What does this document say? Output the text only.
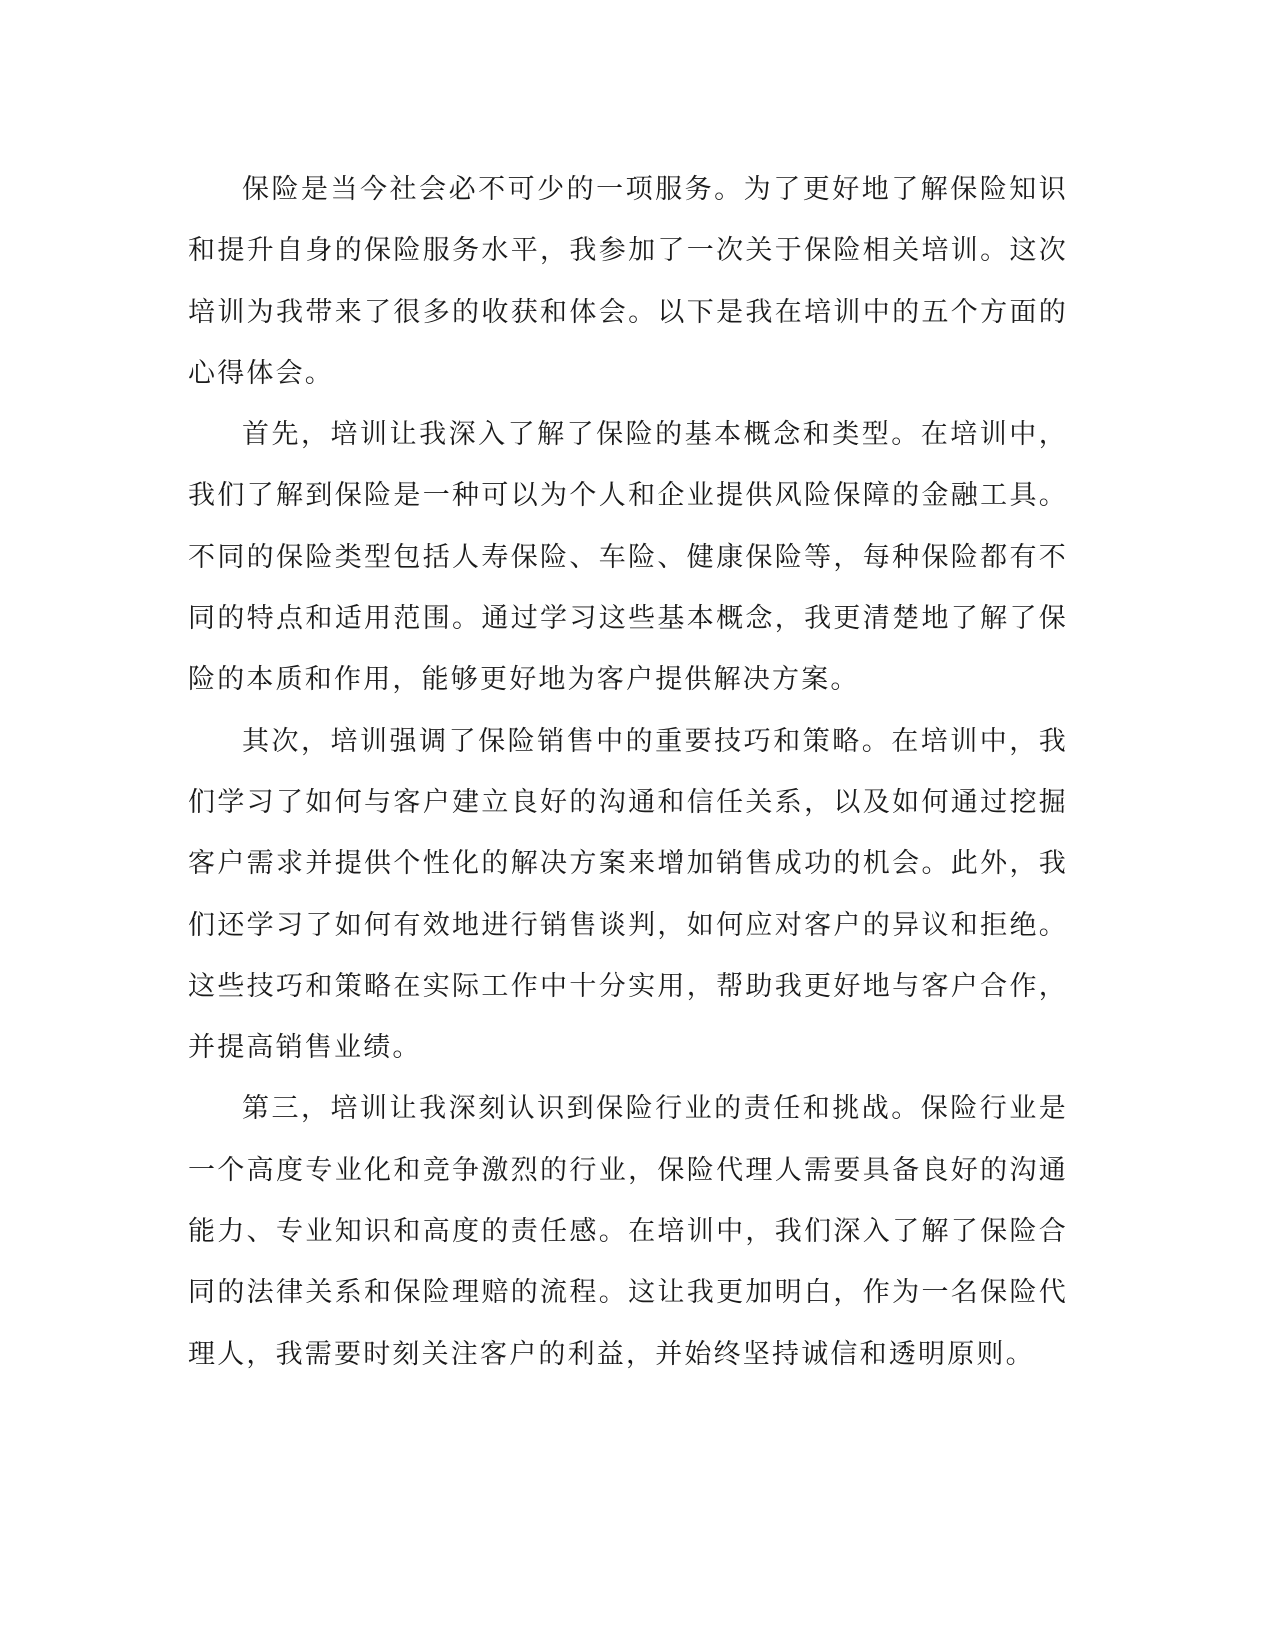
保险是当今社会必不可少的一项服务。为了更好地了解保险知识和提升自身的保险服务水平，我参加了一次关于保险相关培训。这次培训为我带来了很多的收获和体会。以下是我在培训中的五个方面的心得体会。

首先，培训让我深入了解了保险的基本概念和类型。在培训中，我们了解到保险是一种可以为个人和企业提供风险保障的金融工具。不同的保险类型包括人寿保险、车险、健康保险等，每种保险都有不同的特点和适用范围。通过学习这些基本概念，我更清楚地了解了保险的本质和作用，能够更好地为客户提供解决方案。

其次，培训强调了保险销售中的重要技巧和策略。在培训中，我们学习了如何与客户建立良好的沟通和信任关系，以及如何通过挖掘客户需求并提供个性化的解决方案来增加销售成功的机会。此外，我们还学习了如何有效地进行销售谈判，如何应对客户的异议和拒绝。这些技巧和策略在实际工作中十分实用，帮助我更好地与客户合作，并提高销售业绩。

第三，培训让我深刻认识到保险行业的责任和挑战。保险行业是一个高度专业化和竞争激烈的行业，保险代理人需要具备良好的沟通能力、专业知识和高度的责任感。在培训中，我们深入了解了保险合同的法律关系和保险理赔的流程。这让我更加明白，作为一名保险代理人，我需要时刻关注客户的利益，并始终坚持诚信和透明原则。
